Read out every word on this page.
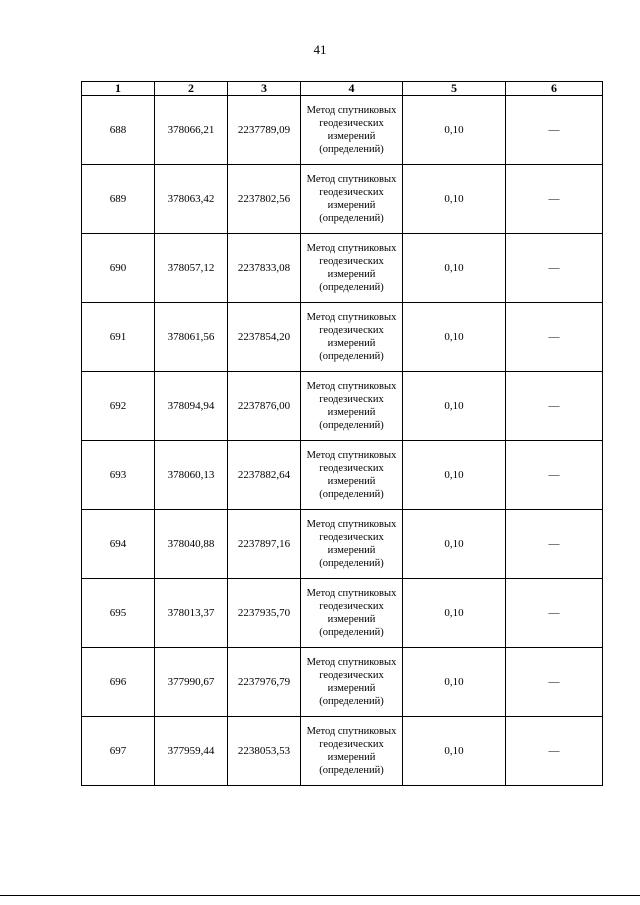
41
1	2	3	4	5	6
688	378066,21	2237789,09	Метод спутниковых геодезических измерений (определений)	0,10	—
689	378063,42	2237802,56	Метод спутниковых геодезических измерений (определений)	0,10	—
690	378057,12	2237833,08	Метод спутниковых геодезических измерений (определений)	0,10	—
691	378061,56	2237854,20	Метод спутниковых геодезических измерений (определений)	0,10	—
692	378094,94	2237876,00	Метод спутниковых геодезических измерений (определений)	0,10	—
693	378060,13	2237882,64	Метод спутниковых геодезических измерений (определений)	0,10	—
694	378040,88	2237897,16	Метод спутниковых геодезических измерений (определений)	0,10	—
695	378013,37	2237935,70	Метод спутниковых геодезических измерений (определений)	0,10	—
696	377990,67	2237976,79	Метод спутниковых геодезических измерений (определений)	0,10	—
697	377959,44	2238053,53	Метод спутниковых геодезических измерений (определений)	0,10	—
